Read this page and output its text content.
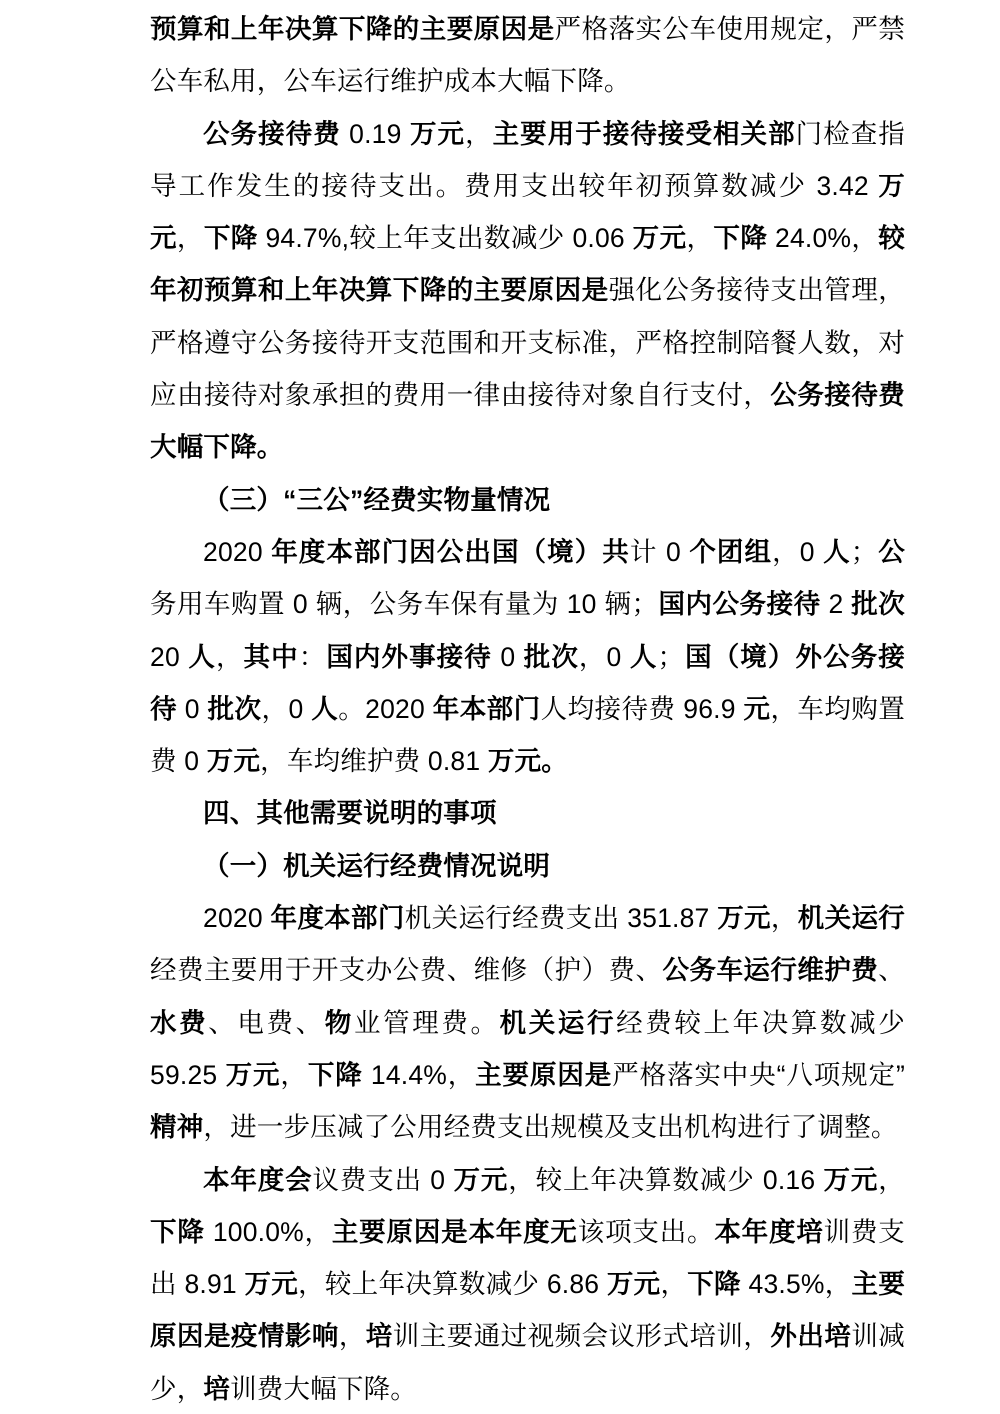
预算和上年决算下降的主要原因是严格落实公车使用规定，严禁
公车私用，公车运行维护成本大幅下降。
公务接待费 0.19 万元，主要用于接待接受相关部门检查指
导工作发生的接待支出。费用支出较年初预算数减少 3.42 万
元，下降 94.7%,较上年支出数减少 0.06 万元，下降 24.0%，较
年初预算和上年决算下降的主要原因是强化公务接待支出管理，
严格遵守公务接待开支范围和开支标准，严格控制陪餐人数，对
应由接待对象承担的费用一律由接待对象自行支付，公务接待费
大幅下降。
（三）“三公”经费实物量情况
2020 年度本部门因公出国（境）共计 0 个团组，0 人；公
务用车购置 0 辆，公务车保有量为 10 辆；国内公务接待 2 批次
20 人，其中：国内外事接待 0 批次，0 人；国（境）外公务接
待 0 批次，0 人。2020 年本部门人均接待费 96.9 元，车均购置
费 0 万元，车均维护费 0.81 万元。
四、其他需要说明的事项
（一）机关运行经费情况说明
2020 年度本部门机关运行经费支出 351.87 万元，机关运行
经费主要用于开支办公费、维修（护）费、公务车运行维护费、
水费、电费、物业管理费。机关运行经费较上年决算数减少
59.25 万元，下降 14.4%，主要原因是严格落实中央“八项规定”
精神，进一步压减了公用经费支出规模及支出机构进行了调整。
本年度会议费支出 0 万元，较上年决算数减少 0.16 万元，
下降 100.0%，主要原因是本年度无该项支出。本年度培训费支
出 8.91 万元，较上年决算数减少 6.86 万元，下降 43.5%，主要
原因是疫情影响，培训主要通过视频会议形式培训，外出培训减
少，培训费大幅下降。
